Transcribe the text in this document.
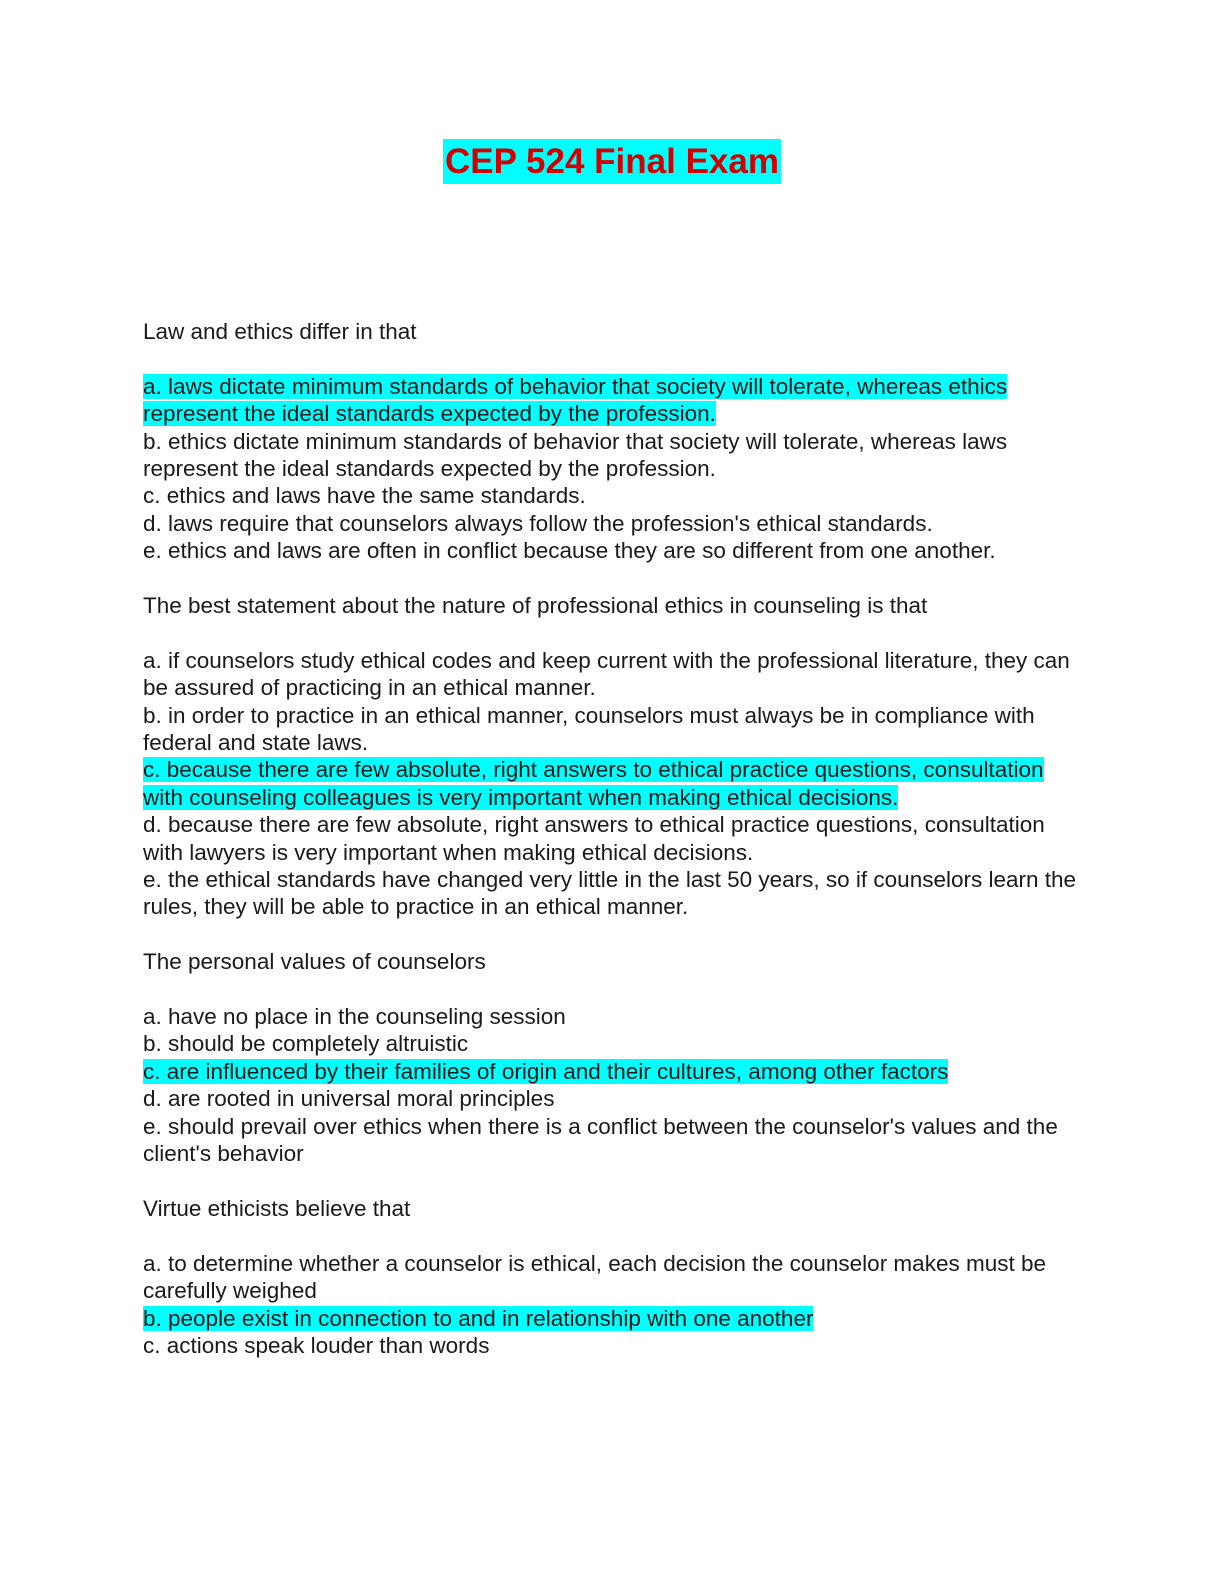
CEP 524 Final Exam

Law and ethics differ in that

a. laws dictate minimum standards of behavior that society will tolerate, whereas ethics represent the ideal standards expected by the profession.

b. ethics dictate minimum standards of behavior that society will tolerate, whereas laws represent the ideal standards expected by the profession.

c. ethics and laws have the same standards.

d. laws require that counselors always follow the profession's ethical standards.

e. ethics and laws are often in conflict because they are so different from one another.

The best statement about the nature of professional ethics in counseling is that

a. if counselors study ethical codes and keep current with the professional literature, they can be assured of practicing in an ethical manner.

b. in order to practice in an ethical manner, counselors must always be in compliance with federal and state laws.

c. because there are few absolute, right answers to ethical practice questions, consultation with counseling colleagues is very important when making ethical decisions.

d. because there are few absolute, right answers to ethical practice questions, consultation with lawyers is very important when making ethical decisions.

e. the ethical standards have changed very little in the last 50 years, so if counselors learn the rules, they will be able to practice in an ethical manner.

The personal values of counselors

a. have no place in the counseling session

b. should be completely altruistic

c. are influenced by their families of origin and their cultures, among other factors

d. are rooted in universal moral principles

e. should prevail over ethics when there is a conflict between the counselor's values and the client's behavior

Virtue ethicists believe that

a. to determine whether a counselor is ethical, each decision the counselor makes must be carefully weighed

b. people exist in connection to and in relationship with one another

c. actions speak louder than words
